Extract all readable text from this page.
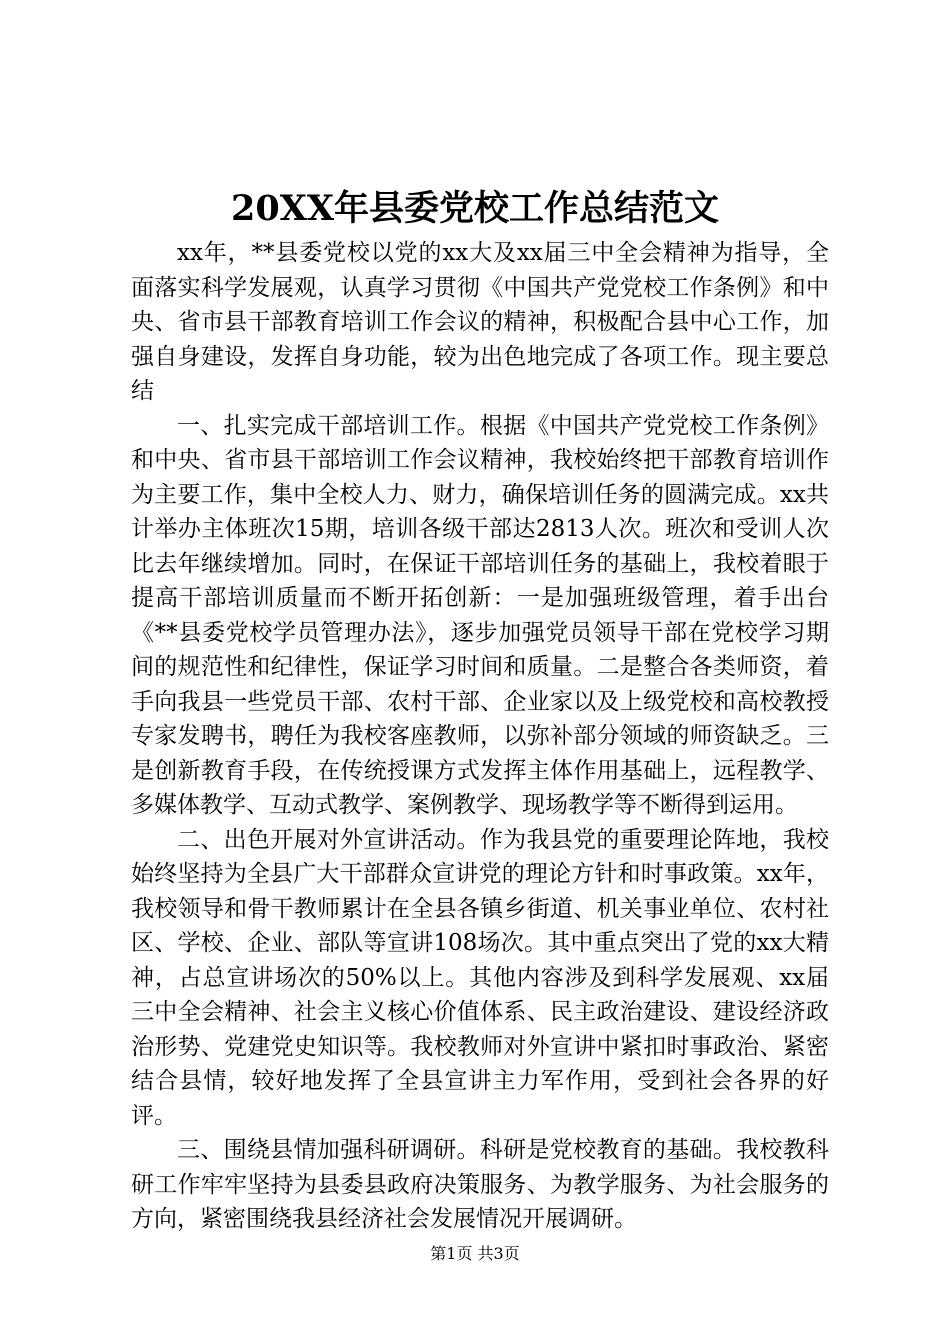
20XX年县委党校工作总结范文

xx年，**县委党校以党的xx大及xx届三中全会精神为指导，全面落实科学发展观，认真学习贯彻《中国共产党党校工作条例》和中央、省市县干部教育培训工作会议的精神，积极配合县中心工作，加强自身建设，发挥自身功能，较为出色地完成了各项工作。现主要总结

一、扎实完成干部培训工作。根据《中国共产党党校工作条例》和中央、省市县干部培训工作会议精神，我校始终把干部教育培训作为主要工作，集中全校人力、财力，确保培训任务的圆满完成。xx共计举办主体班次15期，培训各级干部达2813人次。班次和受训人次比去年继续增加。同时，在保证干部培训任务的基础上，我校着眼于提高干部培训质量而不断开拓创新：一是加强班级管理，着手出台《**县委党校学员管理办法》，逐步加强党员领导干部在党校学习期间的规范性和纪律性，保证学习时间和质量。二是整合各类师资，着手向我县一些党员干部、农村干部、企业家以及上级党校和高校教授专家发聘书，聘任为我校客座教师，以弥补部分领域的师资缺乏。三是创新教育手段，在传统授课方式发挥主体作用基础上，远程教学、多媒体教学、互动式教学、案例教学、现场教学等不断得到运用。

二、出色开展对外宣讲活动。作为我县党的重要理论阵地，我校始终坚持为全县广大干部群众宣讲党的理论方针和时事政策。xx年，我校领导和骨干教师累计在全县各镇乡街道、机关事业单位、农村社区、学校、企业、部队等宣讲108场次。其中重点突出了党的xx大精神，占总宣讲场次的50%以上。其他内容涉及到科学发展观、xx届三中全会精神、社会主义核心价值体系、民主政治建设、建设经济政治形势、党建党史知识等。我校教师对外宣讲中紧扣时事政治、紧密结合县情，较好地发挥了全县宣讲主力军作用，受到社会各界的好评。

三、围绕县情加强科研调研。科研是党校教育的基础。我校教科研工作牢牢坚持为县委县政府决策服务、为教学服务、为社会服务的方向，紧密围绕我县经济社会发展情况开展调研。

第1页 共3页
